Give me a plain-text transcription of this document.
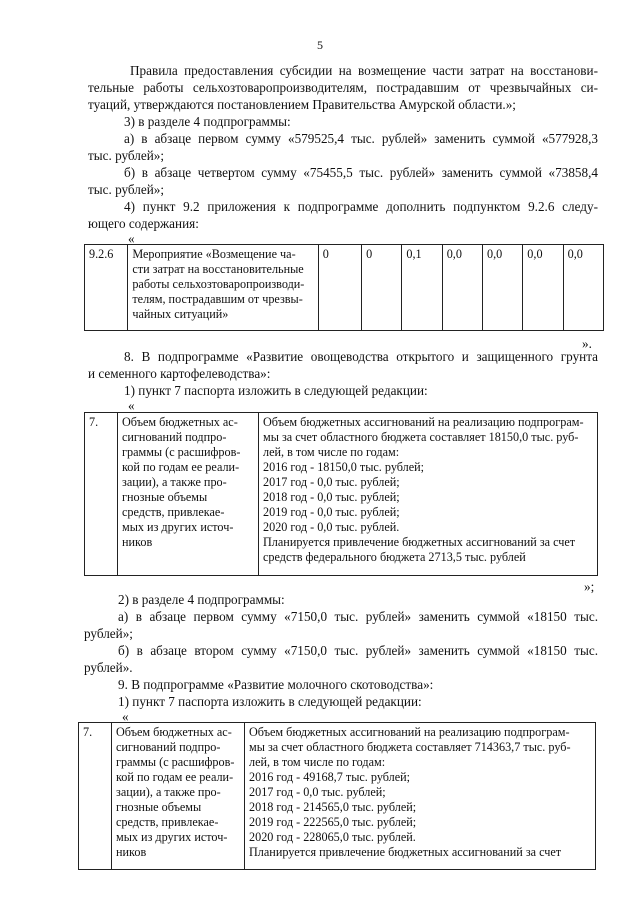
5
Правила предоставления субсидии на возмещение части затрат на восстанови-
тельные работы сельхозтоваропроизводителям, пострадавшим от чрезвычайных си-
туаций, утверждаются постановлением Правительства Амурской области.»;
3) в разделе 4 подпрограммы:
а) в абзаце первом сумму «579525,4 тыс. рублей» заменить суммой «577928,3
тыс. рублей»;
б) в абзаце четвертом сумму «75455,5 тыс. рублей» заменить суммой «73858,4
тыс. рублей»;
4) пункт 9.2 приложения к подпрограмме дополнить подпунктом 9.2.6 следу-
ющего содержания:
«
9.2.6	Мероприятие «Возмещение ча-
сти затрат на восстановительные
работы сельхозтоваропроизводи-
телям, пострадавшим от чрезвы-
чайных ситуаций»
	0	0	0,1	0,0	0,0	0,0	0,0
».
8. В подпрограмме «Развитие овощеводства открытого и защищенного грунта
и семенного картофелеводства»:
1) пункт 7 паспорта изложить в следующей редакции:
«
7.	Объем бюджетных ас-
сигнований подпро-
граммы (с расшифров-
кой по годам ее реали-
зации), а также про-
гнозные объемы
средств, привлекае-
мых из других источ-
ников

Объем бюджетных ассигнований на реализацию подпрограм-
мы за счет областного бюджета составляет 18150,0 тыс. руб-
лей, в том числе по годам:
2016 год - 18150,0 тыс. рублей;
2017 год - 0,0 тыс. рублей;
2018 год - 0,0 тыс. рублей;
2019 год - 0,0 тыс. рублей;
2020 год - 0,0 тыс. рублей.
Планируется привлечение бюджетных ассигнований за счет
средств федерального бюджета 2713,5 тыс. рублей
»;
2) в разделе 4 подпрограммы:
а) в абзаце первом сумму «7150,0 тыс. рублей» заменить суммой «18150 тыс.
рублей»;
б) в абзаце втором сумму «7150,0 тыс. рублей» заменить суммой «18150 тыс.
рублей».
9. В подпрограмме «Развитие молочного скотоводства»:
1) пункт 7 паспорта изложить в следующей редакции:
«
7.	Объем бюджетных ас-
сигнований подпро-
граммы (с расшифров-
кой по годам ее реали-
зации), а также про-
гнозные объемы
средств, привлекае-
мых из других источ-
ников

Объем бюджетных ассигнований на реализацию подпрограм-
мы за счет областного бюджета составляет 714363,7 тыс. руб-
лей, в том числе по годам:
2016 год - 49168,7 тыс. рублей;
2017 год - 0,0 тыс. рублей;
2018 год - 214565,0 тыс. рублей;
2019 год - 222565,0 тыс. рублей;
2020 год - 228065,0 тыс. рублей.
Планируется привлечение бюджетных ассигнований за счет
